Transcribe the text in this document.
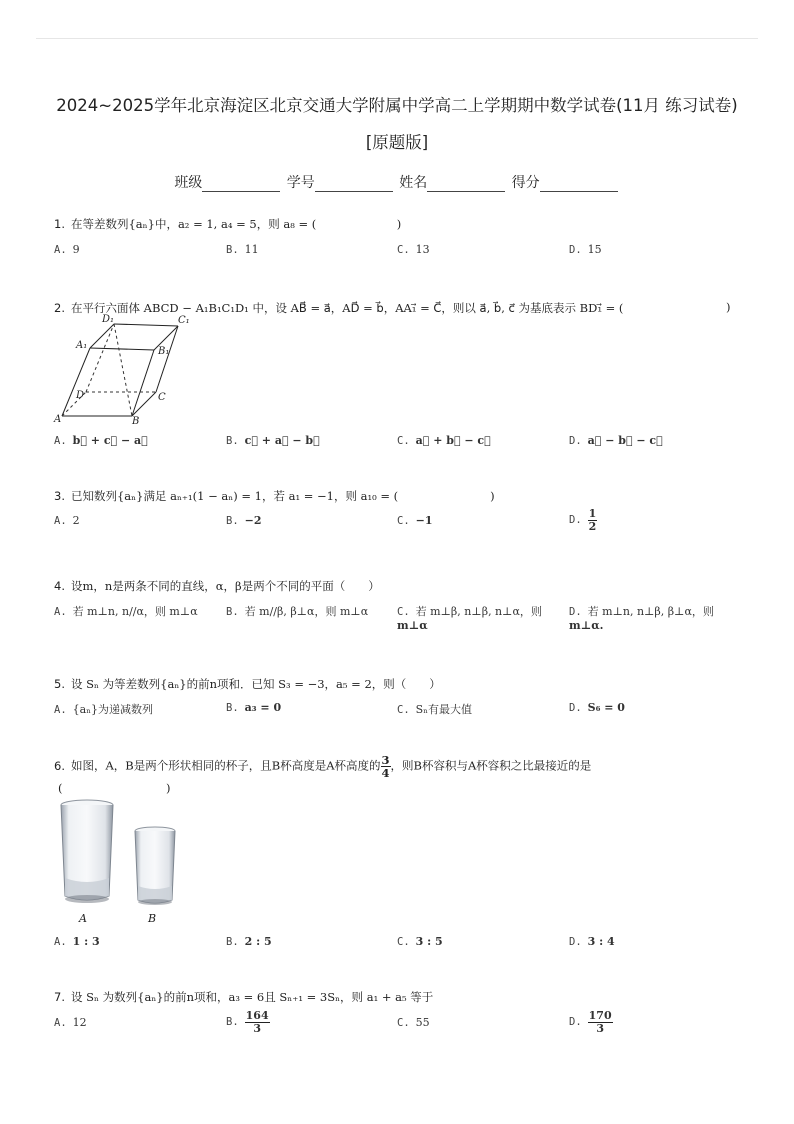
2024~2025学年北京海淀区北京交通大学附属中学高二上学期期中数学试卷(11月 练习试卷)
[原题版]
班级	学号	姓名	得分
1. 在等差数列{aₙ}中，a₂ = 1, a₄ = 5，则 a₈ = (　　　　　　　)
A. 9	B. 11	C. 13	D. 15
2. 在平行六面体 ABCD − A₁B₁C₁D₁ 中，设 AB⃗ = a⃗，AD⃗ = b⃗，AA₁⃗ = C⃗，则以 a⃗, b⃗, c⃗ 为基底表示 BD₁⃗ = (	)
D₁	C₁
A₁
B₁
D	C
A	B
A. b⃗ + c⃗ − a⃗	B. c⃗ + a⃗ − b⃗	C. a⃗ + b⃗ − c⃗	D. a⃗ − b⃗ − c⃗
3. 已知数列{aₙ}满足 aₙ₊₁(1 − aₙ) = 1，若 a₁ = −1，则 a₁₀ = (　　　　　　　　)
A. 2	B. −2	C. −1	D. $\frac{1}{2}$
4. 设m，n是两条不同的直线，α，β是两个不同的平面（　　）
A. 若 m⊥n, n//α，则 m⊥α	B. 若 m//β, β⊥α，则 m⊥α	C. 若 m⊥β, n⊥β, n⊥α，则
m⊥α
D. 若 m⊥n, n⊥β, β⊥α，则
m⊥α.
5. 设 Sₙ 为等差数列{aₙ}的前n项和．已知 S₃ = −3，a₅ = 2，则（　　）
A. {aₙ}为递减数列	B. a₃ = 0	C. Sₙ有最大值	D. S₆ = 0
6. 如图，A，B是两个形状相同的杯子，且B杯高度是A杯高度的 $\frac{3}{4}$ ，则B杯容积与A杯容积之比最接近的是
(　　　　　　　　　)
A	B
A. 1 : 3	B. 2 : 5	C. 3 : 5	D. 3 : 4
7. 设 Sₙ 为数列{aₙ}的前n项和，a₃ = 6且 Sₙ₊₁ = 3Sₙ，则 a₁ + a₅ 等于
A. 12	B. $\frac{164}{3}$	C. 55	D. $\frac{170}{3}$
